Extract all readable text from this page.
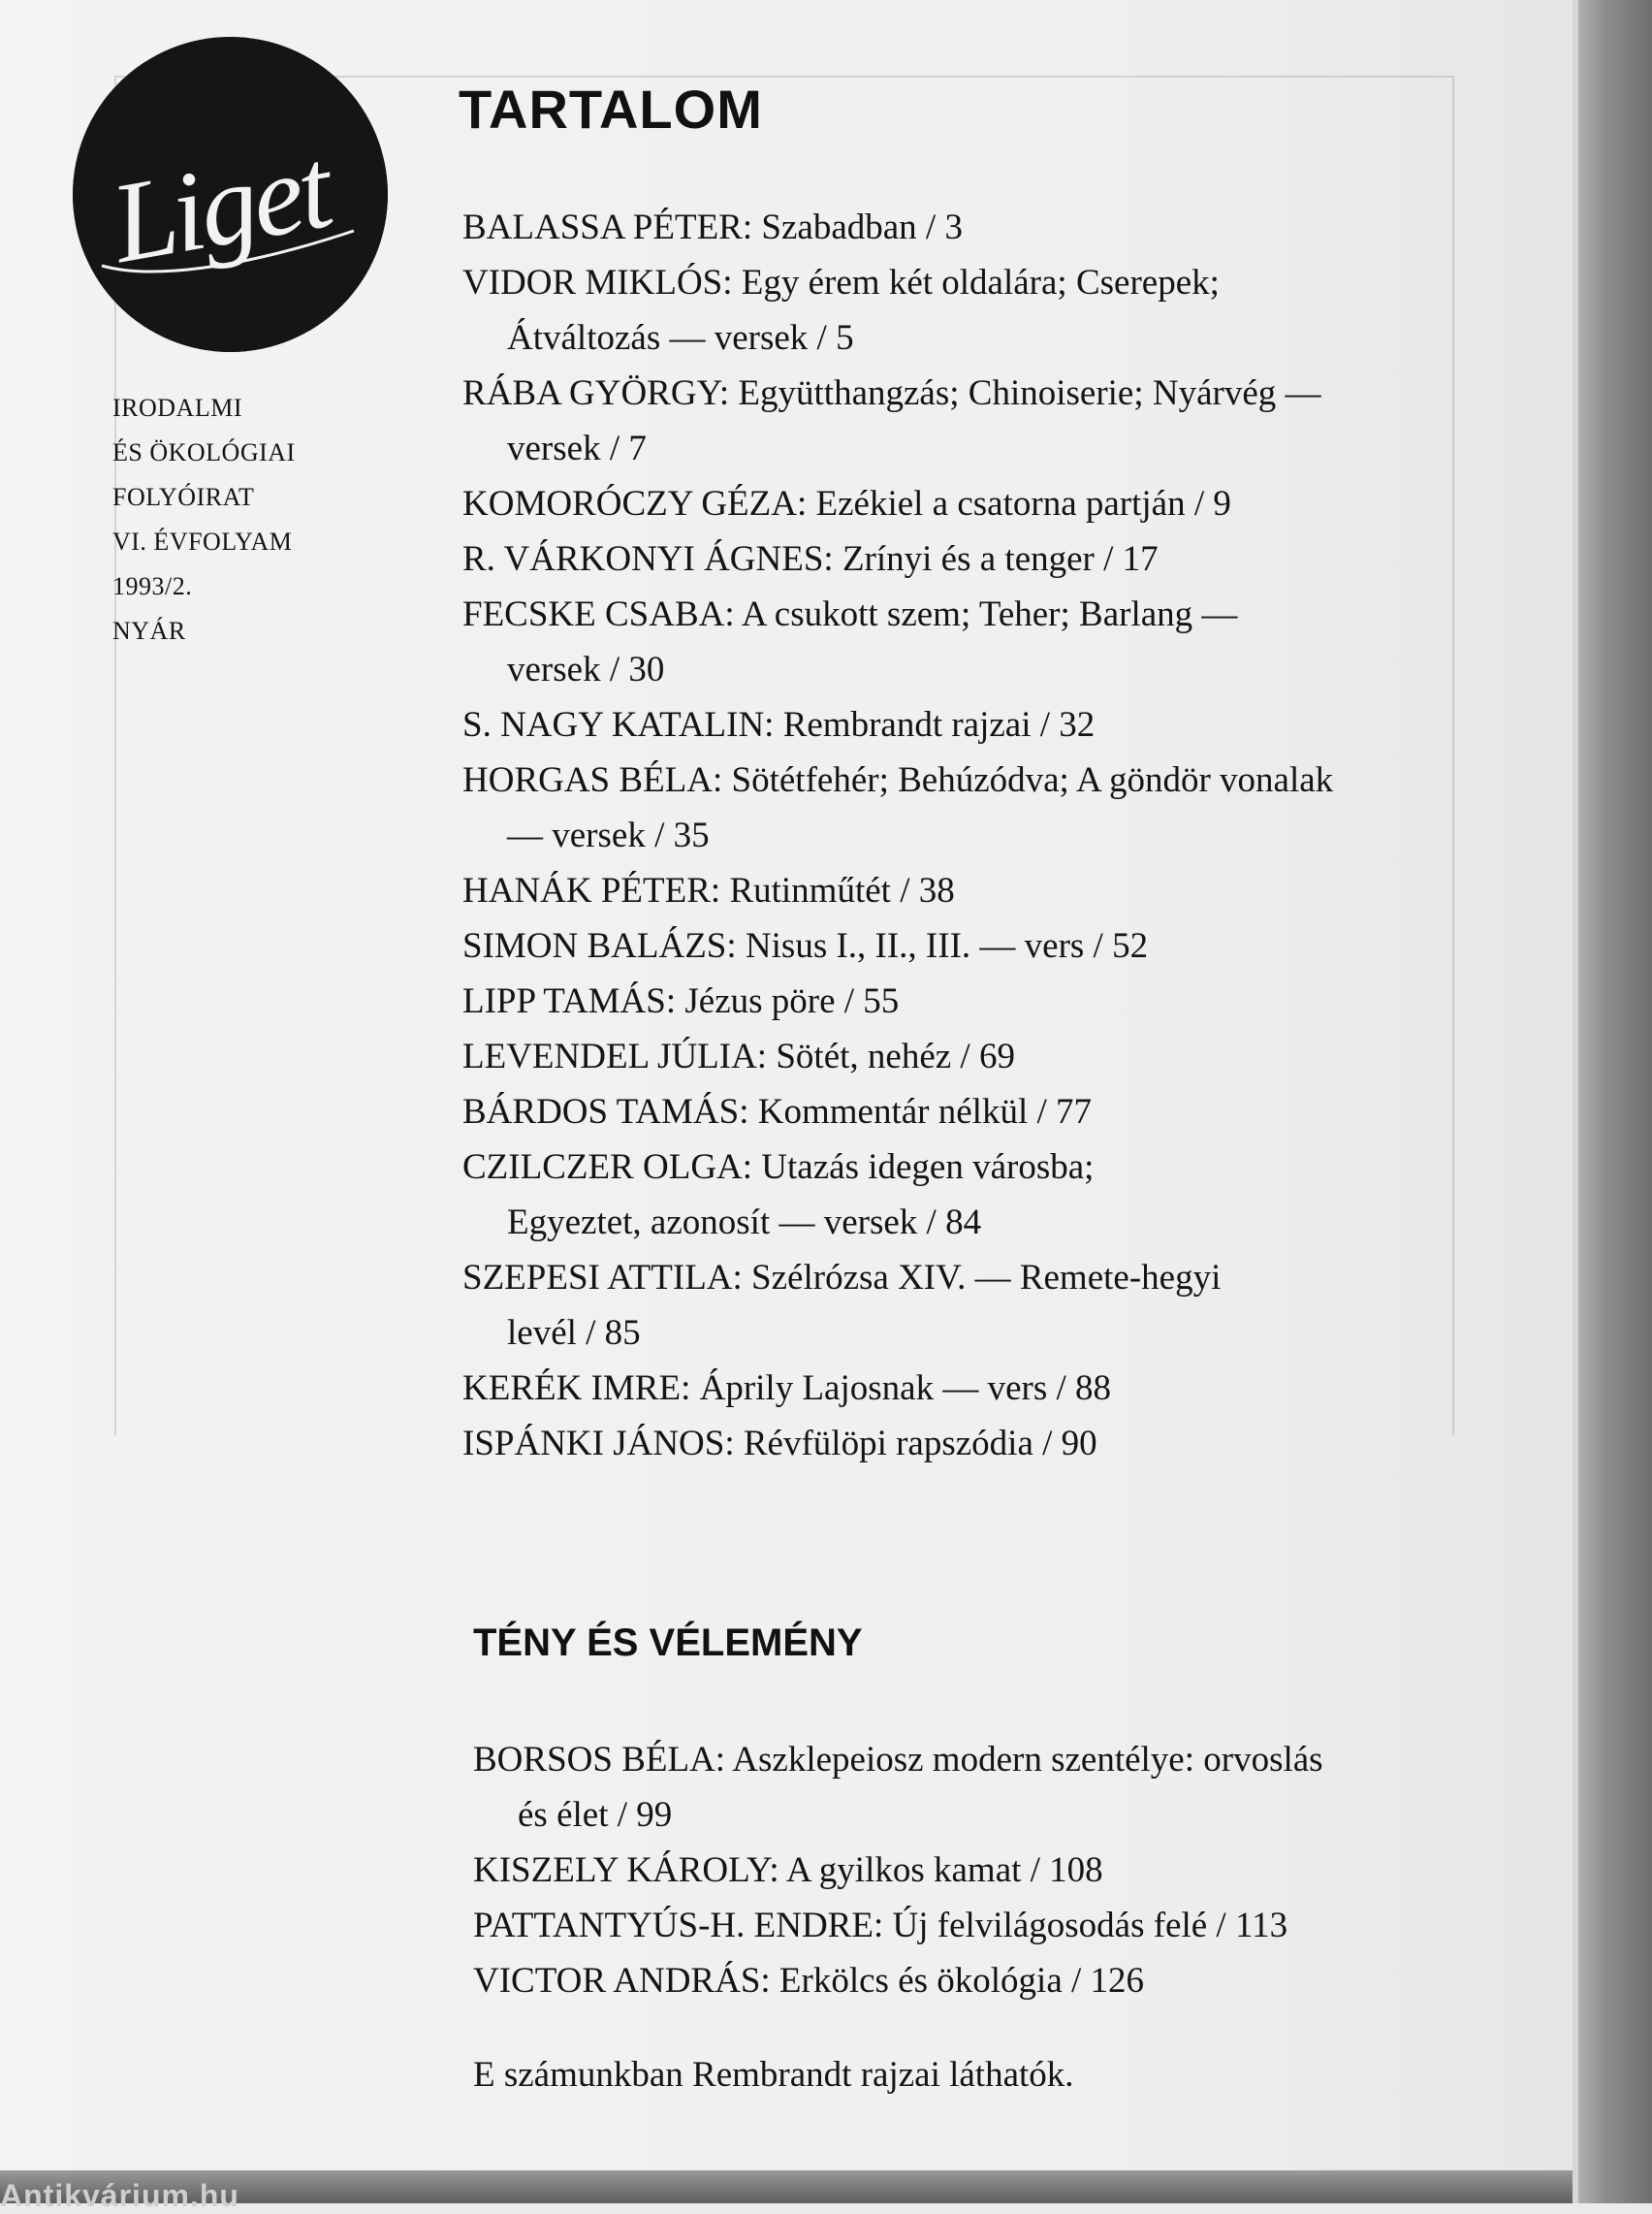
Liget
IRODALMI
ÉS ÖKOLÓGIAI
FOLYÓIRAT
VI. ÉVFOLYAM
1993/2.
NYÁR
TARTALOM
BALASSA PÉTER: Szabadban / 3
VIDOR MIKLÓS: Egy érem két oldalára; Cserepek;
Átváltozás — versek / 5
RÁBA GYÖRGY: Együtthangzás; Chinoiserie; Nyárvég —
versek / 7
KOMORÓCZY GÉZA: Ezékiel a csatorna partján / 9
R. VÁRKONYI ÁGNES: Zrínyi és a tenger / 17
FECSKE CSABA: A csukott szem; Teher; Barlang —
versek / 30
S. NAGY KATALIN: Rembrandt rajzai / 32
HORGAS BÉLA: Sötétfehér; Behúzódva; A göndör vonalak
— versek / 35
HANÁK PÉTER: Rutinműtét / 38
SIMON BALÁZS: Nisus I., II., III. — vers / 52
LIPP TAMÁS: Jézus pöre / 55
LEVENDEL JÚLIA: Sötét, nehéz / 69
BÁRDOS TAMÁS: Kommentár nélkül / 77
CZILCZER OLGA: Utazás idegen városba;
Egyeztet, azonosít — versek / 84
SZEPESI ATTILA: Szélrózsa XIV. — Remete-hegyi
levél / 85
KERÉK IMRE: Áprily Lajosnak — vers / 88
ISPÁNKI JÁNOS: Révfülöpi rapszódia / 90
TÉNY ÉS VÉLEMÉNY
BORSOS BÉLA: Aszklepeiosz modern szentélye: orvoslás
és élet / 99
KISZELY KÁROLY: A gyilkos kamat / 108
PATTANTYÚS-H. ENDRE: Új felvilágosodás felé / 113
VICTOR ANDRÁS: Erkölcs és ökológia / 126
E számunkban Rembrandt rajzai láthatók.
Antikvárium.hu
